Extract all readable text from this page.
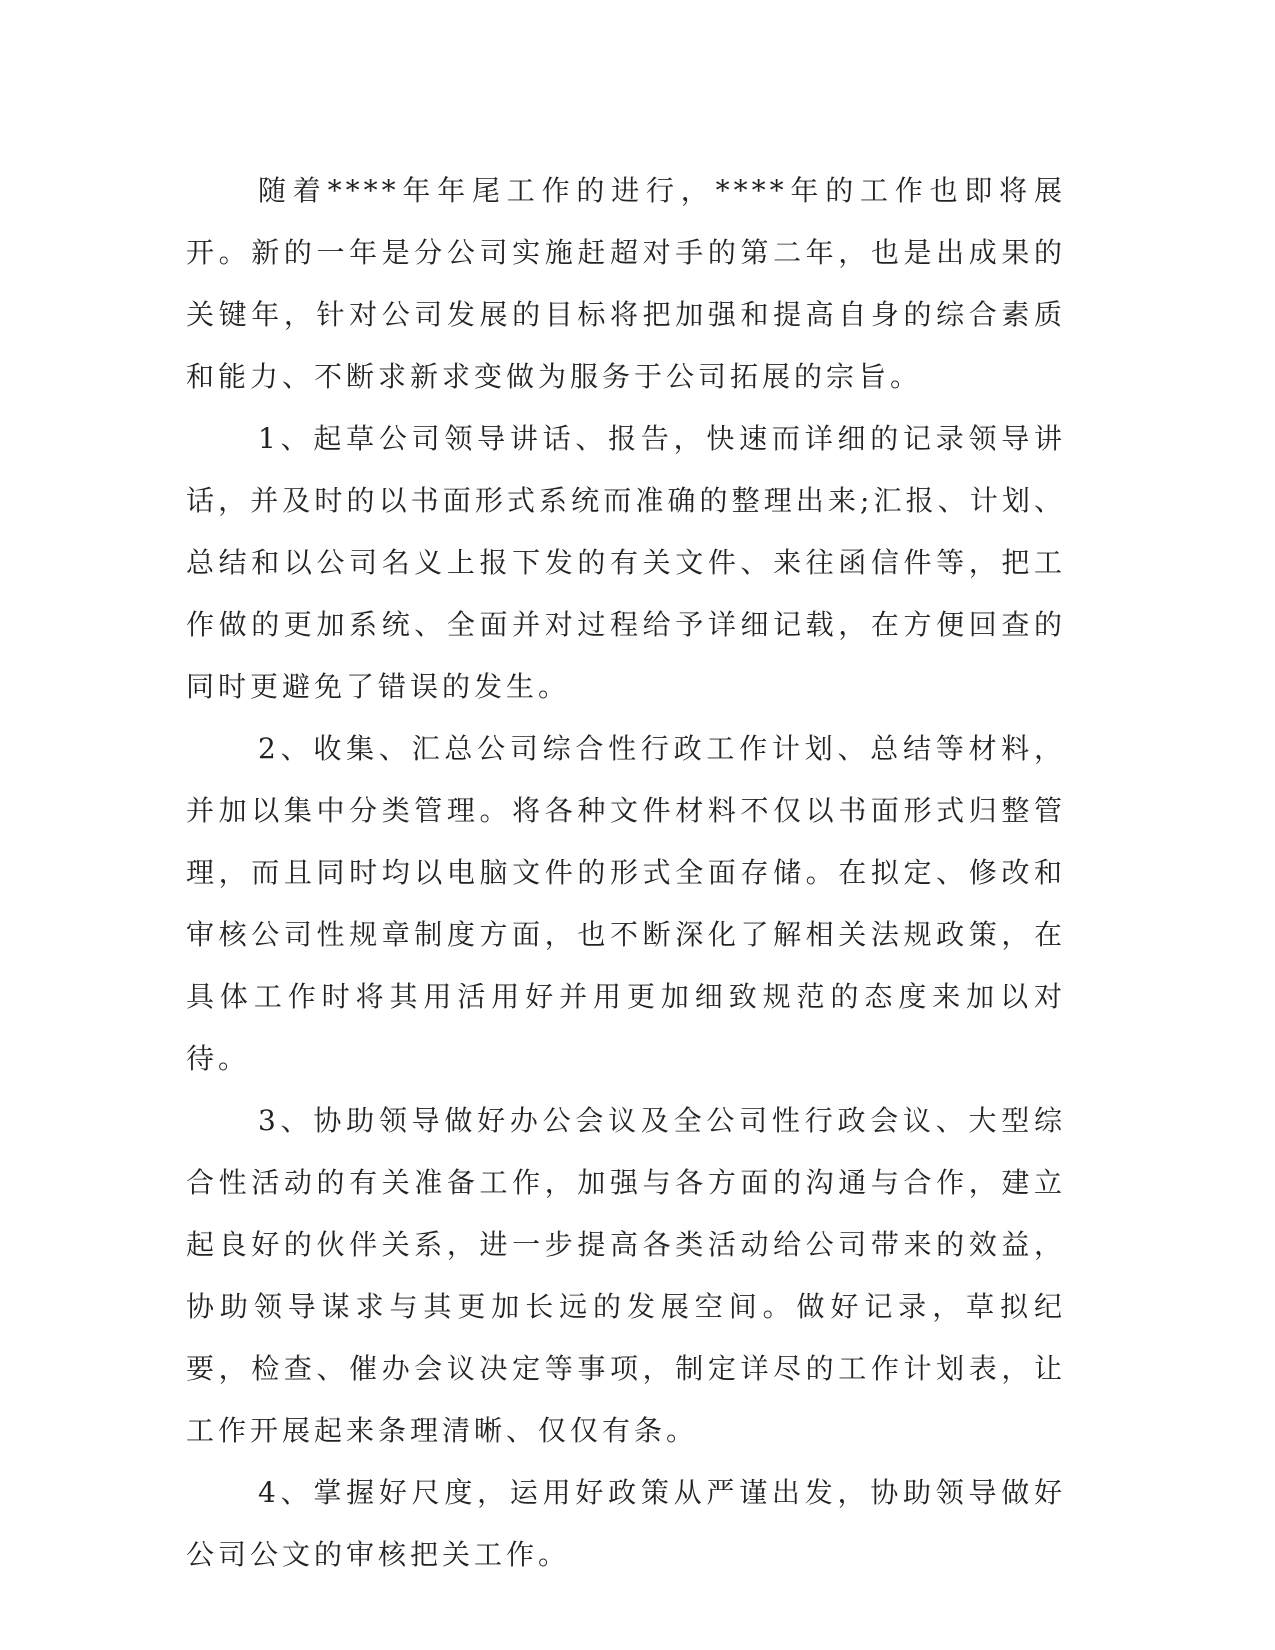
随着****年年尾工作的进行，****年的工作也即将展开。新的一年是分公司实施赶超对手的第二年，也是出成果的关键年，针对公司发展的目标将把加强和提高自身的综合素质和能力、不断求新求变做为服务于公司拓展的宗旨。

1、起草公司领导讲话、报告，快速而详细的记录领导讲话，并及时的以书面形式系统而准确的整理出来;汇报、计划、总结和以公司名义上报下发的有关文件、来往函信件等，把工作做的更加系统、全面并对过程给予详细记载，在方便回查的同时更避免了错误的发生。

2、收集、汇总公司综合性行政工作计划、总结等材料，并加以集中分类管理。将各种文件材料不仅以书面形式归整管理，而且同时均以电脑文件的形式全面存储。在拟定、修改和审核公司性规章制度方面，也不断深化了解相关法规政策，在具体工作时将其用活用好并用更加细致规范的态度来加以对待。

3、协助领导做好办公会议及全公司性行政会议、大型综合性活动的有关准备工作，加强与各方面的沟通与合作，建立起良好的伙伴关系，进一步提高各类活动给公司带来的效益，协助领导谋求与其更加长远的发展空间。做好记录，草拟纪要，检查、催办会议决定等事项，制定详尽的工作计划表，让工作开展起来条理清晰、仅仅有条。

4、掌握好尺度，运用好政策从严谨出发，协助领导做好公司公文的审核把关工作。
